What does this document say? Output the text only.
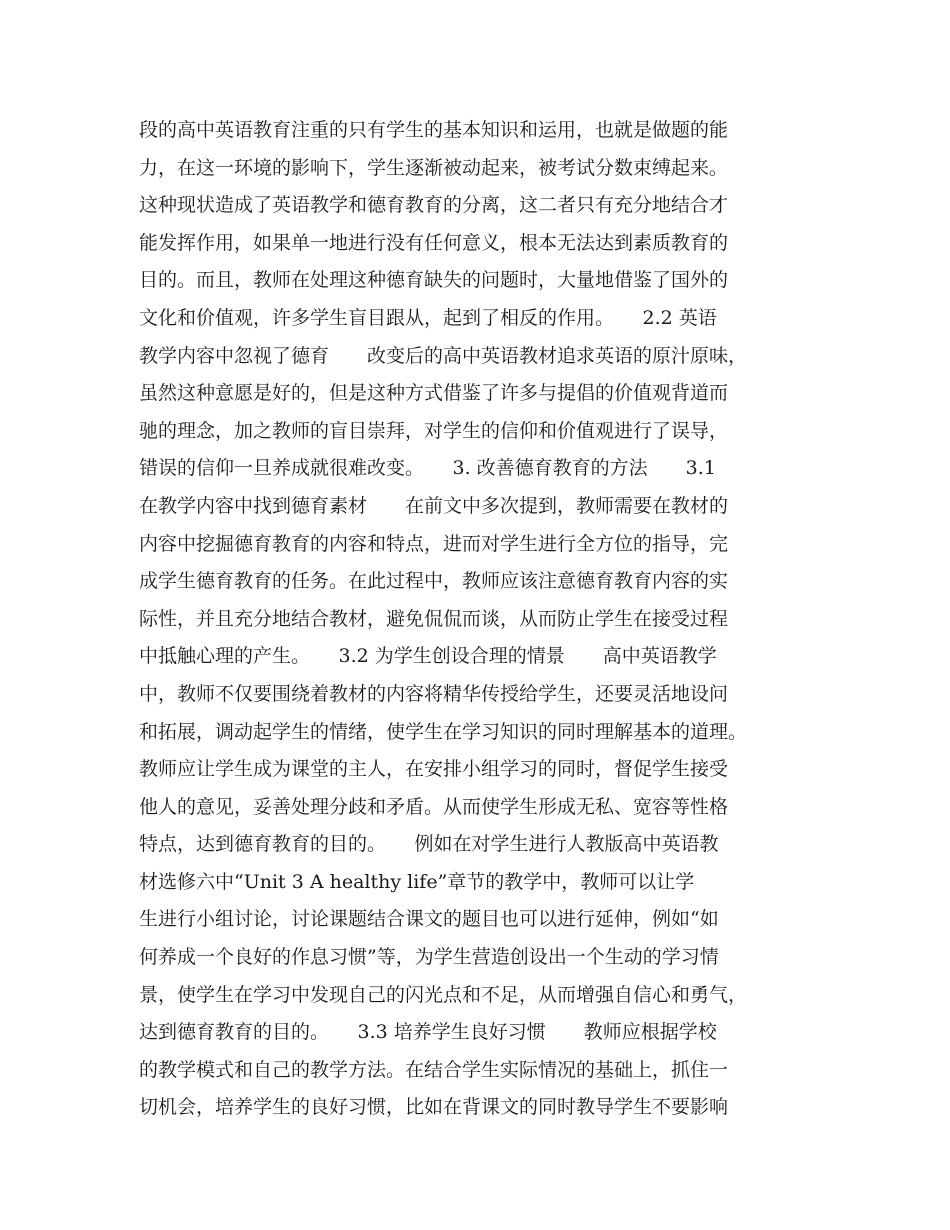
段的高中英语教育注重的只有学生的基本知识和运用，也就是做题的能
力，在这一环境的影响下，学生逐渐被动起来，被考试分数束缚起来。
这种现状造成了英语教学和德育教育的分离，这二者只有充分地结合才
能发挥作用，如果单一地进行没有任何意义，根本无法达到素质教育的
目的。而且，教师在处理这种德育缺失的问题时，大量地借鉴了国外的
文化和价值观，许多学生盲目跟从，起到了相反的作用。　　2.2 英语
教学内容中忽视了德育　　改变后的高中英语教材追求英语的原汁原味，
虽然这种意愿是好的，但是这种方式借鉴了许多与提倡的价值观背道而
驰的理念，加之教师的盲目崇拜，对学生的信仰和价值观进行了误导，
错误的信仰一旦养成就很难改变。　　3. 改善德育教育的方法　　3.1
在教学内容中找到德育素材　　在前文中多次提到，教师需要在教材的
内容中挖掘德育教育的内容和特点，进而对学生进行全方位的指导，完
成学生德育教育的任务。在此过程中，教师应该注意德育教育内容的实
际性，并且充分地结合教材，避免侃侃而谈，从而防止学生在接受过程
中抵触心理的产生。　　3.2 为学生创设合理的情景　　高中英语教学
中，教师不仅要围绕着教材的内容将精华传授给学生，还要灵活地设问
和拓展，调动起学生的情绪，使学生在学习知识的同时理解基本的道理。
教师应让学生成为课堂的主人，在安排小组学习的同时，督促学生接受
他人的意见，妥善处理分歧和矛盾。从而使学生形成无私、宽容等性格
特点，达到德育教育的目的。　　例如在对学生进行人教版高中英语教
材选修六中“Unit 3 A healthy life”章节的教学中，教师可以让学
生进行小组讨论，讨论课题结合课文的题目也可以进行延伸，例如“如
何养成一个良好的作息习惯”等，为学生营造创设出一个生动的学习情
景，使学生在学习中发现自己的闪光点和不足，从而增强自信心和勇气，
达到德育教育的目的。　　3.3 培养学生良好习惯　　教师应根据学校
的教学模式和自己的教学方法。在结合学生实际情况的基础上，抓住一
切机会，培养学生的良好习惯，比如在背课文的同时教导学生不要影响
